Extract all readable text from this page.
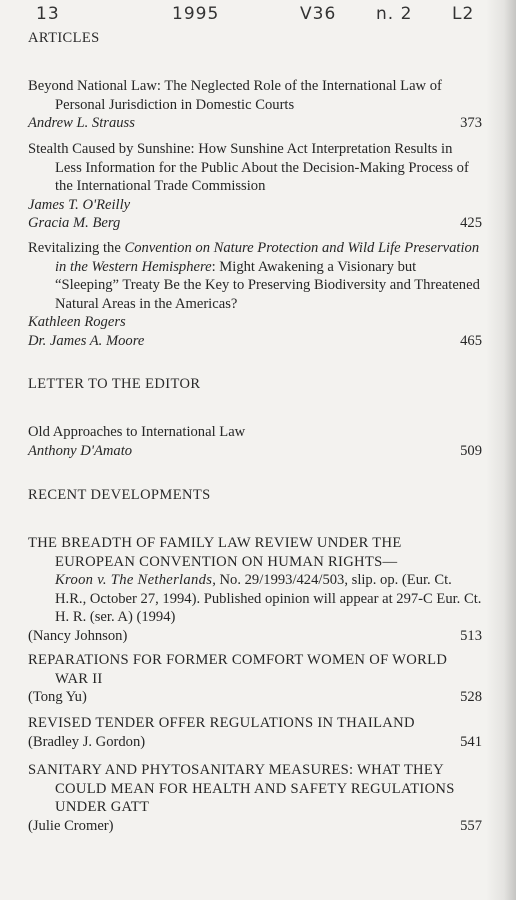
13	1995	V36 n. 2 L2
ARTICLES

Beyond National Law: The Neglected Role of the International Law of Personal Jurisdiction in Domestic Courts

Andrew L. Strauss	373

Stealth Caused by Sunshine: How Sunshine Act Interpretation Results in Less Information for the Public About the Decision-Making Process of the International Trade Commission

James T. O'Reilly
Gracia M. Berg	425

Revitalizing the Convention on Nature Protection and Wild Life Preservation in the Western Hemisphere: Might Awakening a Visionary but “Sleeping” Treaty Be the Key to Preserving Biodiversity and Threatened Natural Areas in the Americas?

Kathleen Rogers
Dr. James A. Moore	465
LETTER TO THE EDITOR

Old Approaches to International Law

Anthony D'Amato	509
RECENT DEVELOPMENTS

THE BREADTH OF FAMILY LAW REVIEW UNDER THE EUROPEAN CONVENTION ON HUMAN RIGHTS—
Kroon v. The Netherlands, No. 29/1993/424/503, slip. op. (Eur. Ct. H.R., October 27, 1994). Published opinion will appear at 297-C Eur. Ct. H. R. (ser. A) (1994)

(Nancy Johnson)	513

REPARATIONS FOR FORMER COMFORT WOMEN OF WORLD WAR II

(Tong Yu)	528

REVISED TENDER OFFER REGULATIONS IN THAILAND

(Bradley J. Gordon)	541

SANITARY AND PHYTOSANITARY MEASURES: WHAT THEY COULD MEAN FOR HEALTH AND SAFETY REGULATIONS UNDER GATT

(Julie Cromer)	557
